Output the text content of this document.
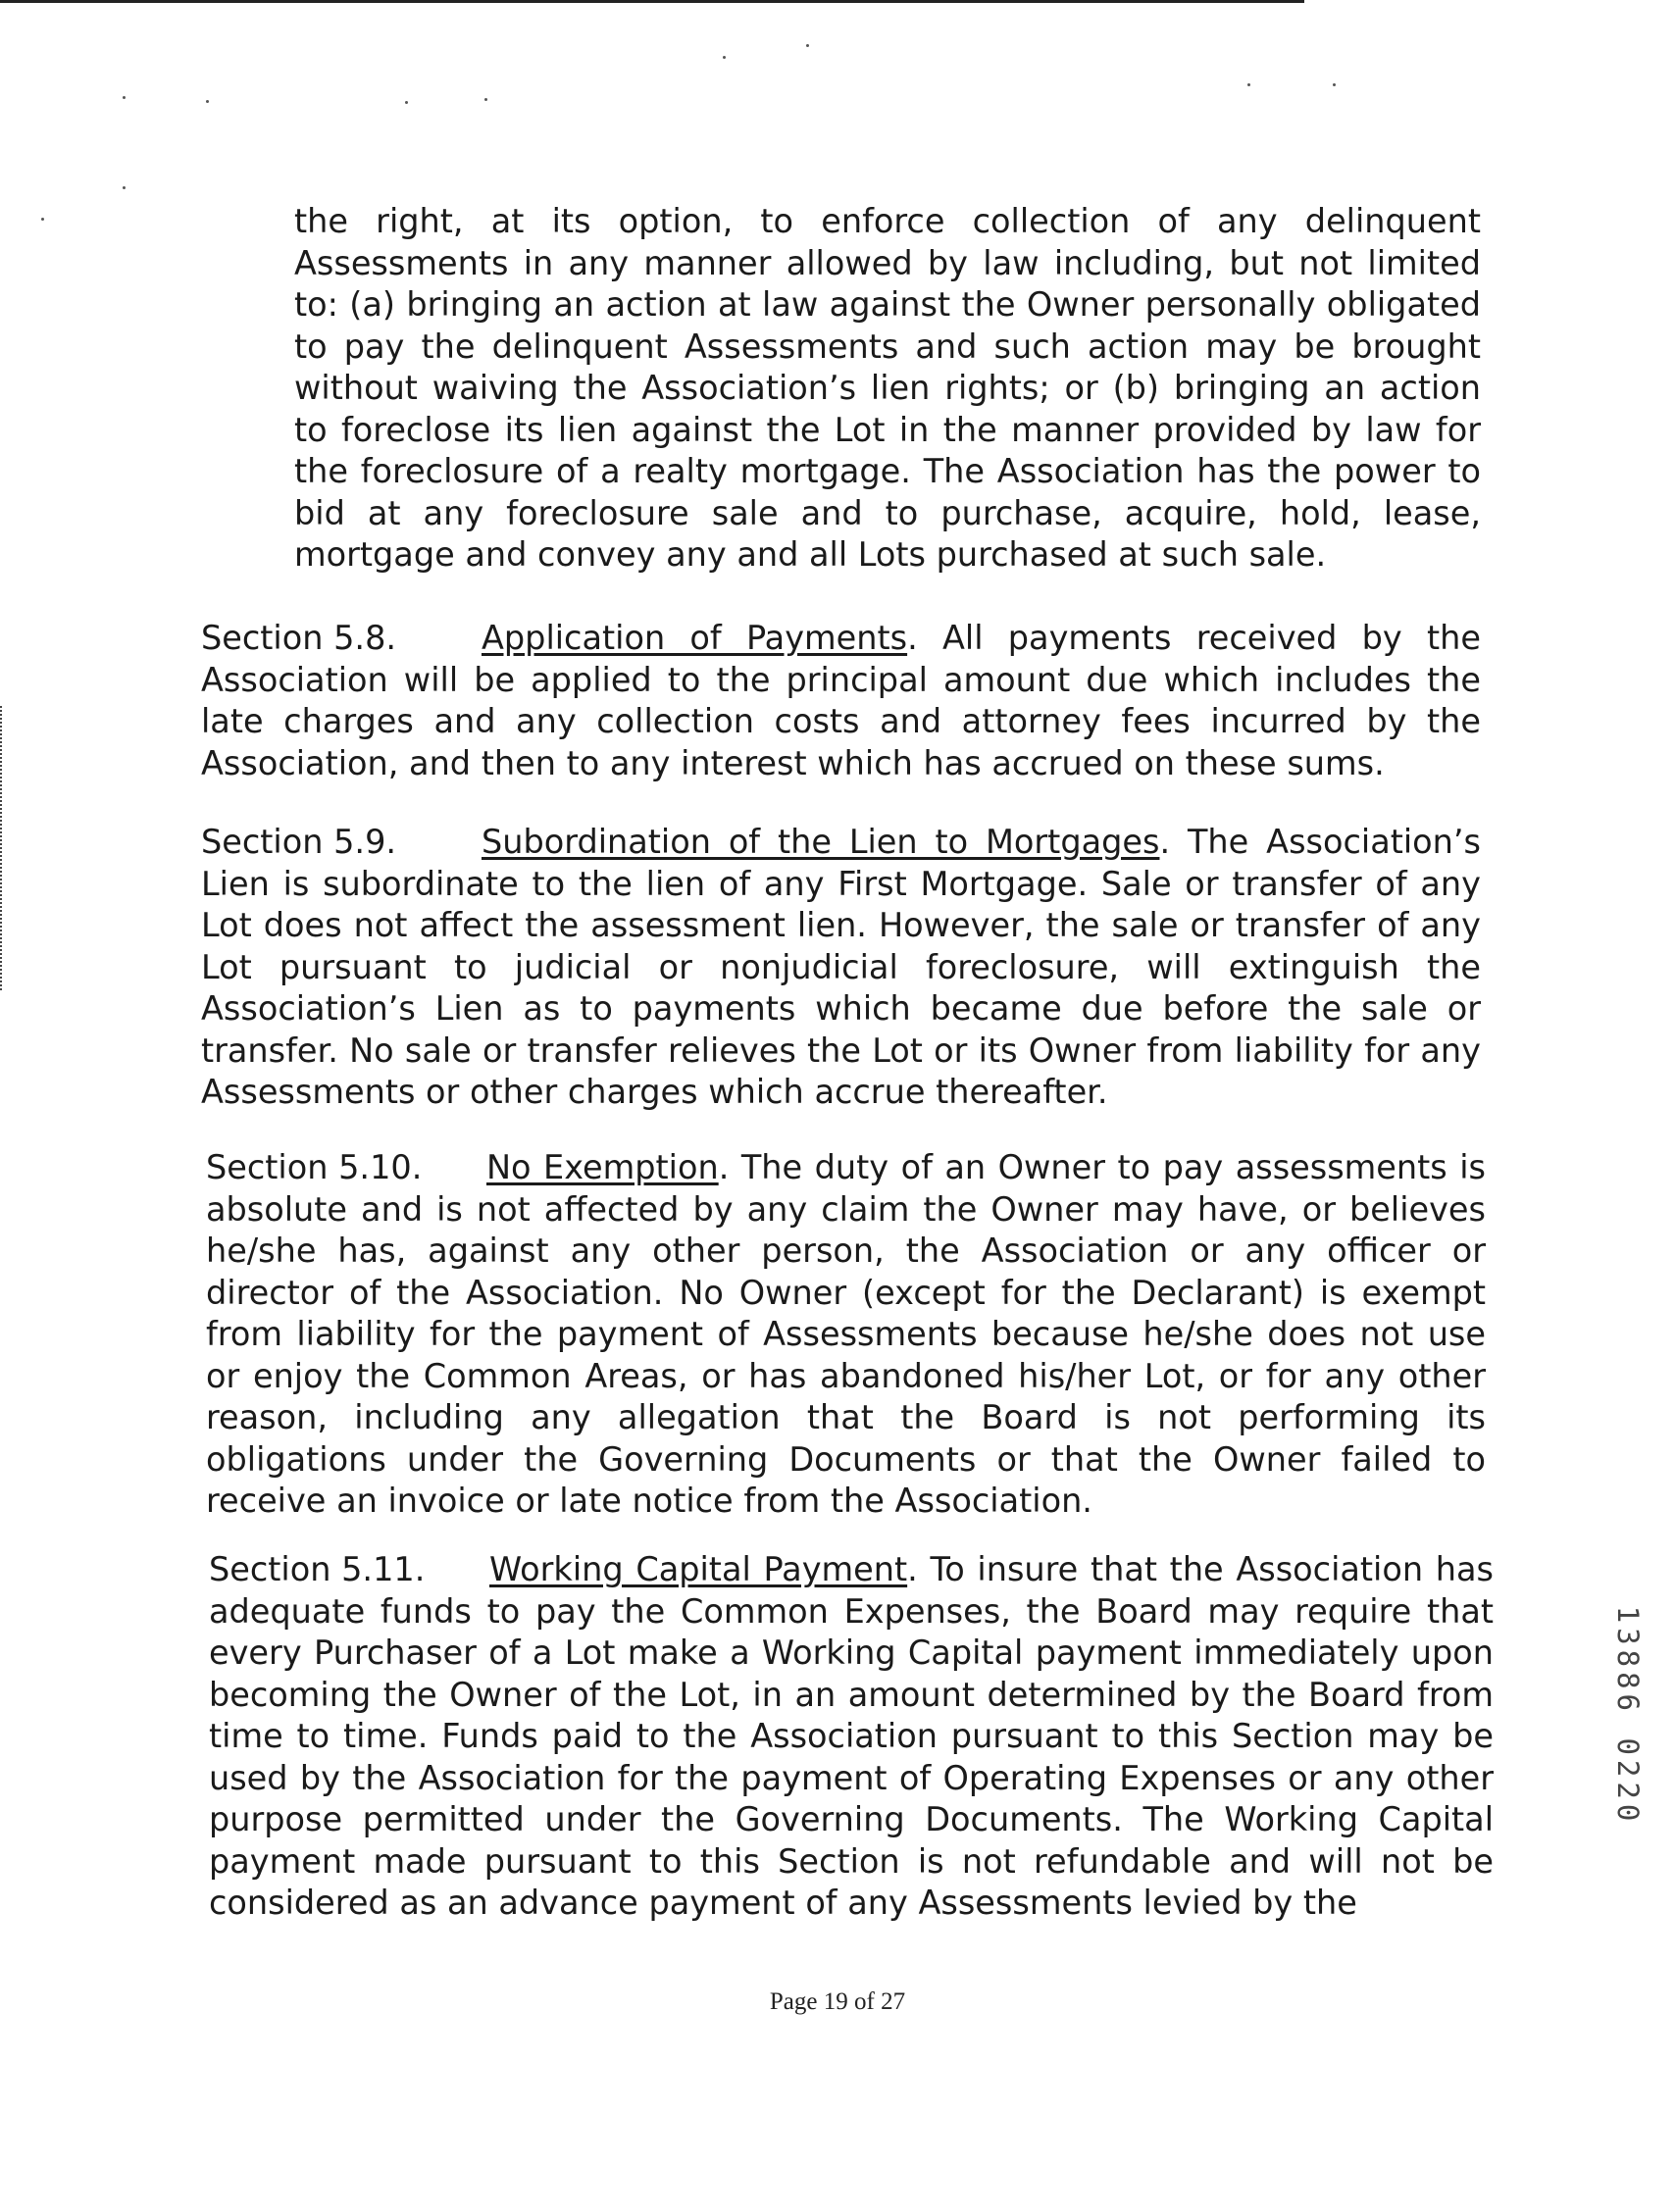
the right, at its option, to enforce collection of any delinquent Assessments in any manner allowed by law including, but not limited to: (a) bringing an action at law against the Owner personally obligated to pay the delinquent Assessments and such action may be brought without waiving the Association’s lien rights; or (b) bringing an action to foreclose its lien against the Lot in the manner provided by law for the foreclosure of a realty mortgage. The Association has the power to bid at any foreclosure sale and to purchase, acquire, hold, lease, mortgage and convey any and all Lots purchased at such sale.

Section 5.8.	Application of Payments. All payments received by the Association will be applied to the principal amount due which includes the late charges and any collection costs and attorney fees incurred by the Association, and then to any interest which has accrued on these sums.

Section 5.9.	Subordination of the Lien to Mortgages. The Association’s Lien is subordinate to the lien of any First Mortgage. Sale or transfer of any Lot does not affect the assessment lien. However, the sale or transfer of any Lot pursuant to judicial or nonjudicial foreclosure, will extinguish the Association’s Lien as to payments which became due before the sale or transfer. No sale or transfer relieves the Lot or its Owner from liability for any Assessments or other charges which accrue thereafter.

Section 5.10. No Exemption. The duty of an Owner to pay assessments is absolute and is not affected by any claim the Owner may have, or believes he/she has, against any other person, the Association or any officer or director of the Association. No Owner (except for the Declarant) is exempt from liability for the payment of Assessments because he/she does not use or enjoy the Common Areas, or has abandoned his/her Lot, or for any other reason, including any allegation that the Board is not performing its obligations under the Governing Documents or that the Owner failed to receive an invoice or late notice from the Association.

Section 5.11. Working Capital Payment. To insure that the Association has adequate funds to pay the Common Expenses, the Board may require that every Purchaser of a Lot make a Working Capital payment immediately upon becoming the Owner of the Lot, in an amount determined by the Board from time to time. Funds paid to the Association pursuant to this Section may be used by the Association for the payment of Operating Expenses or any other purpose permitted under the Governing Documents. The Working Capital payment made pursuant to this Section is not refundable and will not be considered as an advance payment of any Assessments levied by the

13886 0220
Page 19 of 27
